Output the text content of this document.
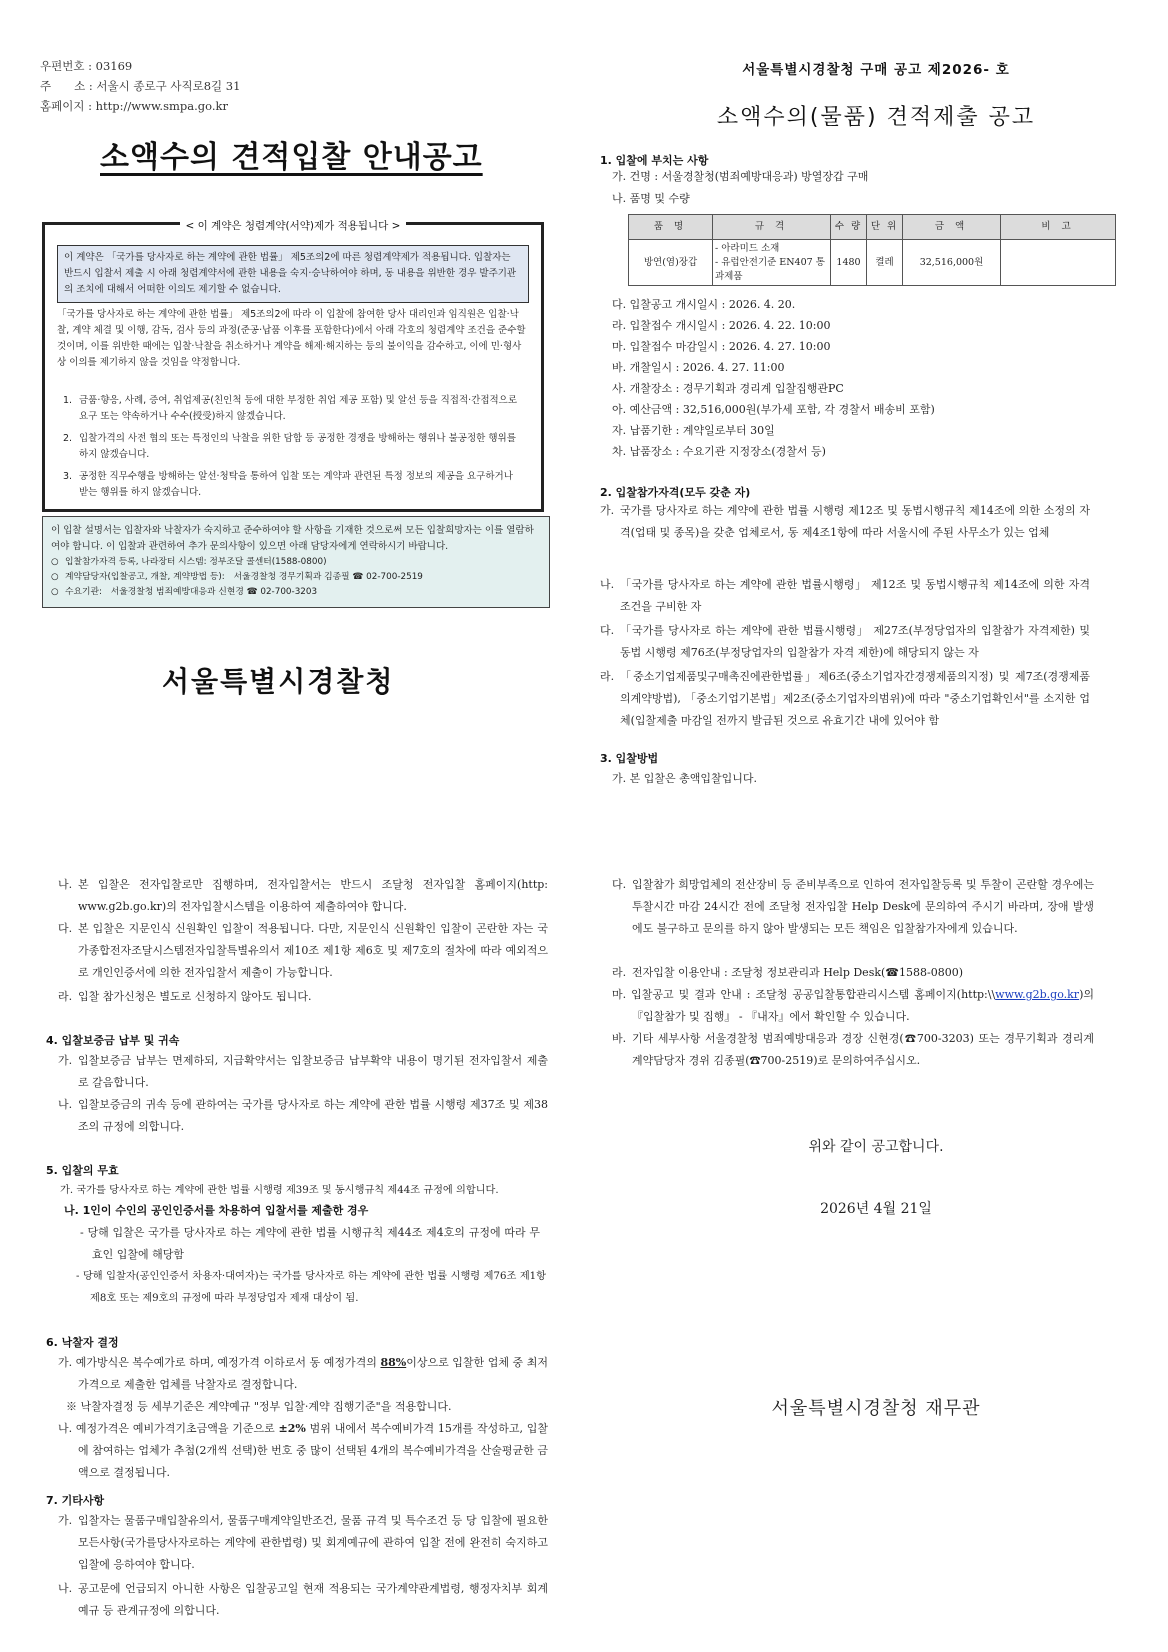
우편번호 : 03169
주　　소 : 서울시 종로구 사직로8길 31
홈페이지 : http://www.smpa.go.kr
소액수의 견적입찰 안내공고
< 이 계약은 청렴계약(서약)제가 적용됩니다 >
이 계약은 「국가를 당사자로 하는 계약에 관한 법률」 제5조의2에 따른 청렴계약제가 적용됩니다. 입찰자는 반드시 입찰서 제출 시 아래 청렴계약서에 관한 내용을 숙지·승낙하여야 하며, 동 내용을 위반한 경우 발주기관의 조치에 대해서 어떠한 이의도 제기할 수 없습니다.
「국가를 당사자로 하는 계약에 관한 법률」 제5조의2에 따라 이 입찰에 참여한 당사 대리인과 임직원은 입찰·낙찰, 계약 체결 및 이행, 감독, 검사 등의 과정(준공·납품 이후를 포함한다)에서 아래 각호의 청렴계약 조건을 준수할 것이며, 이를 위반한 때에는 입찰·낙찰을 취소하거나 계약을 해제·해지하는 등의 불이익을 감수하고, 이에 민·형사상 이의를 제기하지 않을 것임을 약정합니다.
1. 금품·향응, 사례, 증여, 취업제공(친인척 등에 대한 부정한 취업 제공 포함) 및 알선 등을 직접적·간접적으로 요구 또는 약속하거나 수수(授受)하지 않겠습니다.
2. 입찰가격의 사전 협의 또는 특정인의 낙찰을 위한 담합 등 공정한 경쟁을 방해하는 행위나 불공정한 행위를 하지 않겠습니다.
3. 공정한 직무수행을 방해하는 알선·청탁을 통하여 입찰 또는 계약과 관련된 특정 정보의 제공을 요구하거나 받는 행위를 하지 않겠습니다.
이 입찰 설명서는 입찰자와 낙찰자가 숙지하고 준수하여야 할 사항을 기재한 것으로써 모든 입찰희망자는 이를 열람하여야 합니다. 이 입찰과 관련하여 추가 문의사항이 있으면 아래 담당자에게 연락하시기 바랍니다.
○ 입찰참가자격 등록, 나라장터 시스템: 정부조달 콜센터(1588-0800)
○ 계약담당자(입찰공고, 개찰, 계약방법 등):　서울경찰청 경무기획과 김종필 ☎ 02-700-2519
○ 수요기관:　서울경찰청 범죄예방대응과 신현경 ☎ 02-700-3203
서울특별시경찰청
서울특별시경찰청 구매 공고 제2026- 호
소액수의(물품) 견적제출 공고
1. 입찰에 부치는 사항
가. 건명 : 서울경찰청(범죄예방대응과) 방열장갑 구매
나. 품명 및 수량
품 명	규 격	수 량	단 위	금 액	비 고
방연(염)장갑	- 아라미드 소재
- 유럽안전기준 EN407 통과제품	1480	켤레	32,516,000원	
다. 입찰공고 개시일시 : 2026. 4. 20.
라. 입찰접수 개시일시 : 2026. 4. 22. 10:00
마. 입찰접수 마감일시 : 2026. 4. 27. 10:00
바. 개찰일시 : 2026. 4. 27. 11:00
사. 개찰장소 : 경무기획과 경리계 입찰집행관PC
아. 예산금액 : 32,516,000원(부가세 포함, 각 경찰서 배송비 포함)
자. 납품기한 : 계약일로부터 30일
차. 납품장소 : 수요기관 지정장소(경찰서 등)
2. 입찰참가자격(모두 갖춘 자)
가. 국가를 당사자로 하는 계약에 관한 법률 시행령 제12조 및 동법시행규칙 제14조에 의한 소정의 자격(업태 및 종목)을 갖춘 업체로서, 동 제4조1항에 따라 서울시에 주된 사무소가 있는 업체
나. 「국가를 당사자로 하는 계약에 관한 법률시행령」 제12조 및 동법시행규칙 제14조에 의한 자격조건을 구비한 자
다. 「국가를 당사자로 하는 계약에 관한 법률시행령」 제27조(부정당업자의 입찰참가 자격제한) 및 동법 시행령 제76조(부정당업자의 입찰참가 자격 제한)에 해당되지 않는 자
라. 「중소기업제품및구매촉진에관한법률」제6조(중소기업자간경쟁제품의지정) 및 제7조(경쟁제품의계약방법), 「중소기업기본법」제2조(중소기업자의범위)에 따라 "중소기업확인서"를 소지한 업체(입찰제출 마감일 전까지 발급된 것으로 유효기간 내에 있어야 함
3. 입찰방법
가. 본 입찰은 총액입찰입니다.
나. 본 입찰은 전자입찰로만 집행하며, 전자입찰서는 반드시 조달청 전자입찰 홈페이지(http: www.g2b.go.kr)의 전자입찰시스템을 이용하여 제출하여야 합니다.
다. 본 입찰은 지문인식 신원확인 입찰이 적용됩니다. 다만, 지문인식 신원확인 입찰이 곤란한 자는 국가종합전자조달시스템전자입찰특별유의서 제10조 제1항 제6호 및 제7호의 절차에 따라 예외적으로 개인인증서에 의한 전자입찰서 제출이 가능합니다.
라. 입찰 참가신청은 별도로 신청하지 않아도 됩니다.
4. 입찰보증금 납부 및 귀속
가. 입찰보증금 납부는 면제하되, 지급확약서는 입찰보증금 납부확약 내용이 명기된 전자입찰서 제출로 갈음합니다.
나. 입찰보증금의 귀속 등에 관하여는 국가를 당사자로 하는 계약에 관한 법률 시행령 제37조 및 제38조의 규정에 의합니다.
5. 입찰의 무효
가. 국가를 당사자로 하는 계약에 관한 법률 시행령 제39조 및 동시행규칙 제44조 규정에 의합니다.
나. 1인이 수인의 공인인증서를 차용하여 입찰서를 제출한 경우
- 당해 입찰은 국가를 당사자로 하는 계약에 관한 법률 시행규칙 제44조 제4호의 규정에 따라 무효인 입찰에 해당함
- 당해 입찰자(공인인증서 차용자·대여자)는 국가를 당사자로 하는 계약에 관한 법률 시행령 제76조 제1항 제8호 또는 제9호의 규정에 따라 부정당업자 제재 대상이 됨.
6. 낙찰자 결정
가. 예가방식은 복수예가로 하며, 예정가격 이하로서 동 예정가격의 88%이상으로 입찰한 업체 중 최저가격으로 제출한 업체를 낙찰자로 결정합니다.
※ 낙찰자결정 등 세부기준은 계약예규 "정부 입찰·계약 집행기준"을 적용합니다.
나. 예정가격은 예비가격기초금액을 기준으로 ±2% 범위 내에서 복수예비가격 15개를 작성하고, 입찰에 참여하는 업체가 추첨(2개씩 선택)한 번호 중 많이 선택된 4개의 복수예비가격을 산술평균한 금액으로 결정됩니다.
7. 기타사항
가. 입찰자는 물품구매입찰유의서, 물품구매계약일반조건, 물품 규격 및 특수조건 등 당 입찰에 필요한 모든사항(국가를당사자로하는 계약에 관한법령) 및 회계예규에 관하여 입찰 전에 완전히 숙지하고 입찰에 응하여야 합니다.
나. 공고문에 언급되지 아니한 사항은 입찰공고일 현재 적용되는 국가계약관계법령, 행정자치부 회계예규 등 관계규정에 의합니다.
다. 입찰참가 희망업체의 전산장비 등 준비부족으로 인하여 전자입찰등록 및 투찰이 곤란할 경우에는 투찰시간 마감 24시간 전에 조달청 전자입찰 Help Desk에 문의하여 주시기 바라며, 장애 발생에도 불구하고 문의를 하지 않아 발생되는 모든 책임은 입찰참가자에게 있습니다.
라. 전자입찰 이용안내 : 조달청 정보관리과 Help Desk(☎1588-0800)
마. 입찰공고 및 결과 안내 : 조달청 공공입찰통합관리시스템 홈페이지(http:\\www.g2b.go.kr)의 『입찰참가 및 집행』 - 『내자』에서 확인할 수 있습니다.
바. 기타 세부사항 서울경찰청 범죄예방대응과 경장 신현경(☎700-3203) 또는 경무기획과 경리계 계약담당자 경위 김종필(☎700-2519)로 문의하여주십시오.
위와 같이 공고합니다.
2026년 4월 21일
서울특별시경찰청 재무관
